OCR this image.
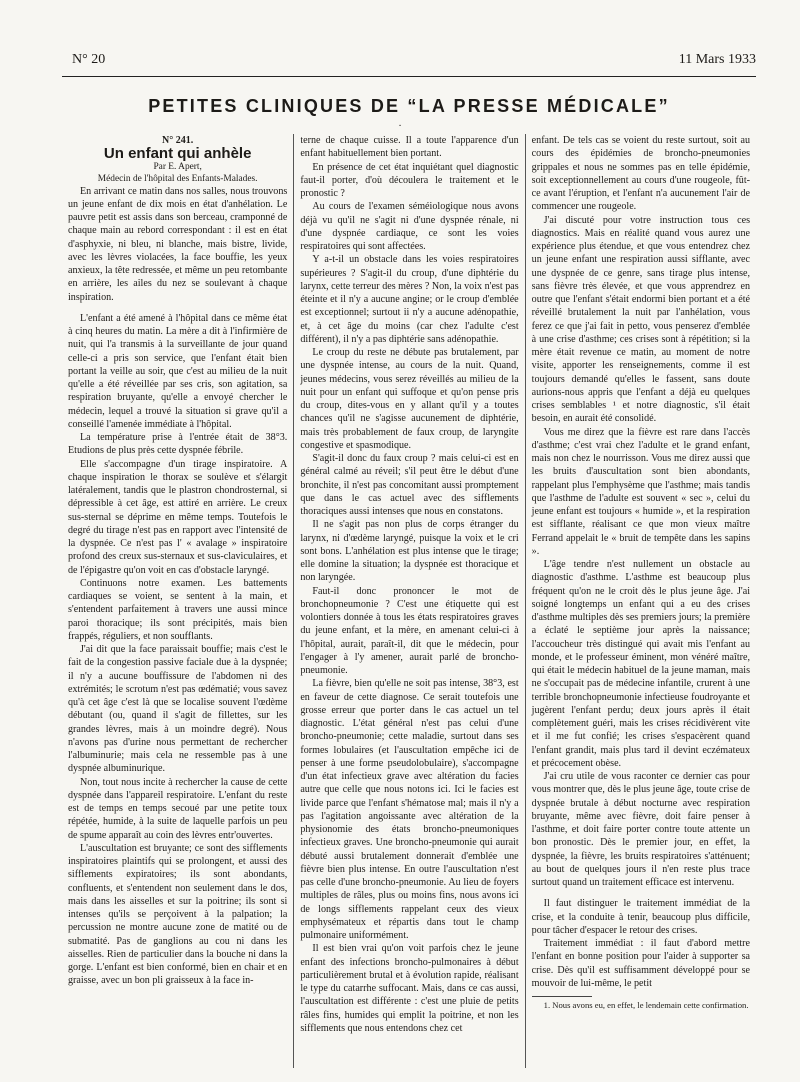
N° 20	11 Mars 1933
PETITES CLINIQUES DE “LA PRESSE MÉDICALE”
·

N° 241.

Un enfant qui anhèle

Par E. Apert,

Médecin de l'hôpital des Enfants-Malades.

En arrivant ce matin dans nos salles, nous trouvons un jeune enfant de dix mois en état d'anhélation. Le pauvre petit est assis dans son berceau, cramponné de chaque main au rebord correspondant : il est en état d'asphyxie, ni bleu, ni blanche, mais bistre, livide, avec les lèvres violacées, la face bouffie, les yeux anxieux, la tête redressée, et même un peu retombante en arrière, les ailes du nez se soulevant à chaque inspiration.

L'enfant a été amené à l'hôpital dans ce même état à cinq heures du matin. La mère a dit à l'infirmière de nuit, qui l'a transmis à la surveillante de jour quand celle-ci a pris son service, que l'enfant était bien portant la veille au soir, que c'est au milieu de la nuit qu'elle a été réveillée par ses cris, son agitation, sa respiration bruyante, qu'elle a envoyé chercher le médecin, lequel a trouvé la situation si grave qu'il a conseillé l'amenée immédiate à l'hôpital.

La température prise à l'entrée était de 38°3. Etudions de plus près cette dyspnée fébrile.

Elle s'accompagne d'un tirage inspiratoire. A chaque inspiration le thorax se soulève et s'élargit latéralement, tandis que le plastron chondrosternal, si dépressible à cet âge, est attiré en arrière. Le creux sus-sternal se déprime en même temps. Toutefois le degré du tirage n'est pas en rapport avec l'intensité de la dyspnée. Ce n'est pas l' « avalage » inspiratoire profond des creux sus-sternaux et sus-claviculaires, et de l'épigastre qu'on voit en cas d'obstacle laryngé.

Continuons notre examen. Les battements cardiaques se voient, se sentent à la main, et s'entendent parfaitement à travers une aussi mince paroi thoracique; ils sont précipités, mais bien frappés, réguliers, et non soufflants.

J'ai dit que la face paraissait bouffie; mais c'est le fait de la congestion passive faciale due à la dyspnée; il n'y a aucune bouffissure de l'abdomen ni des extrémités; le scrotum n'est pas œdématié; vous savez qu'à cet âge c'est là que se localise souvent l'œdème débutant (ou, quand il s'agit de fillettes, sur les grandes lèvres, mais à un moindre degré). Nous n'avons pas d'urine nous permettant de rechercher l'albuminurie; mais cela ne ressemble pas à une dyspnée albuminurique.

Non, tout nous incite à rechercher la cause de cette dyspnée dans l'appareil respiratoire. L'enfant du reste est de temps en temps secoué par une petite toux répétée, humide, à la suite de laquelle parfois un peu de spume apparaît au coin des lèvres entr'ouvertes.

L'auscultation est bruyante; ce sont des sifflements inspiratoires plaintifs qui se prolongent, et aussi des sifflements expiratoires; ils sont abondants, confluents, et s'entendent non seulement dans le dos, mais dans les aisselles et sur la poitrine; ils sont si intenses qu'ils se perçoivent à la palpation; la percussion ne montre aucune zone de matité ou de submatité. Pas de ganglions au cou ni dans les aisselles. Rien de particulier dans la bouche ni dans la gorge. L'enfant est bien conformé, bien en chair et en graisse, avec un bon pli graisseux à la face in-

terne de chaque cuisse. Il a toute l'apparence d'un enfant habituellement bien portant.

En présence de cet état inquiétant quel diagnostic faut-il porter, d'où découlera le traitement et le pronostic ?

Au cours de l'examen séméiologique nous avons déjà vu qu'il ne s'agit ni d'une dyspnée rénale, ni d'une dyspnée cardiaque, ce sont les voies respiratoires qui sont affectées.

Y a-t-il un obstacle dans les voies respiratoires supérieures ? S'agit-il du croup, d'une diphtérie du larynx, cette terreur des mères ? Non, la voix n'est pas éteinte et il n'y a aucune angine; or le croup d'emblée est exceptionnel; surtout ii n'y a aucune adénopathie, et, à cet âge du moins (car chez l'adulte c'est différent), il n'y a pas diphtérie sans adénopathie.

Le croup du reste ne débute pas brutalement, par une dyspnée intense, au cours de la nuit. Quand, jeunes médecins, vous serez réveillés au milieu de la nuit pour un enfant qui suffoque et qu'on pense pris du croup, dites-vous en y allant qu'il y a toutes chances qu'il ne s'agisse aucunement de diphtérie, mais très probablement de faux croup, de laryngite congestive et spasmodique.

S'agit-il donc du faux croup ? mais celui-ci est en général calmé au réveil; s'il peut être le début d'une bronchite, il n'est pas concomitant aussi promptement que dans le cas actuel avec des sifflements thoraciques aussi intenses que nous en constatons.

Il ne s'agit pas non plus de corps étranger du larynx, ni d'œdème laryngé, puisque la voix et le cri sont bons. L'anhélation est plus intense que le tirage; elle domine la situation; la dyspnée est thoracique et non laryngée.

Faut-il donc prononcer le mot de bronchopneumonie ? C'est une étiquette qui est volontiers donnée à tous les états respiratoires graves du jeune enfant, et la mère, en amenant celui-ci à l'hôpital, aurait, paraît-il, dit que le médecin, pour l'engager à l'y amener, aurait parlé de broncho-pneumonie.

La fièvre, bien qu'elle ne soit pas intense, 38°3, est en faveur de cette diagnose. Ce serait toutefois une grosse erreur que porter dans le cas actuel un tel diagnostic. L'état général n'est pas celui d'une broncho-pneumonie; cette maladie, surtout dans ses formes lobulaires (et l'auscultation empêche ici de penser à une forme pseudolobulaire), s'accompagne d'un état infectieux grave avec altération du facies autre que celle que nous notons ici. Ici le facies est livide parce que l'enfant s'hématose mal; mais il n'y a pas l'agitation angoissante avec altération de la physionomie des états broncho-pneumoniques infectieux graves. Une broncho-pneumonie qui aurait débuté aussi brutalement donnerait d'emblée une fièvre bien plus intense. En outre l'auscultation n'est pas celle d'une broncho-pneumonie. Au lieu de foyers multiples de râles, plus ou moins fins, nous avons ici de longs sifflements rappelant ceux des vieux emphysémateux et répartis dans tout le champ pulmonaire uniformément.

Il est bien vrai qu'on voit parfois chez le jeune enfant des infections broncho-pulmonaires à début particulièrement brutal et à évolution rapide, réalisant le type du catarrhe suffocant. Mais, dans ce cas aussi, l'auscultation est différente : c'est une pluie de petits râles fins, humides qui emplit la poitrine, et non les sifflements que nous entendons chez cet

enfant. De tels cas se voient du reste surtout, soit au cours des épidémies de broncho-pneumonies grippales et nous ne sommes pas en telle épidémie, soit exceptionnellement au cours d'une rougeole, fût-ce avant l'éruption, et l'enfant n'a aucunement l'air de commencer une rougeole.

J'ai discuté pour votre instruction tous ces diagnostics. Mais en réalité quand vous aurez une expérience plus étendue, et que vous entendrez chez un jeune enfant une respiration aussi sifflante, avec une dyspnée de ce genre, sans tirage plus intense, sans fièvre très élevée, et que vous apprendrez en outre que l'enfant s'était endormi bien portant et a été réveillé brutalement la nuit par l'anhélation, vous ferez ce que j'ai fait in petto, vous penserez d'emblée à une crise d'asthme; ces crises sont à répétition; si la mère était revenue ce matin, au moment de notre visite, apporter les renseignements, comme il est toujours demandé qu'elles le fassent, sans doute aurions-nous appris que l'enfant a déjà eu quelques crises semblables ¹ et notre diagnostic, s'il était besoin, en aurait été consolidé.

Vous me direz que la fièvre est rare dans l'accès d'asthme; c'est vrai chez l'adulte et le grand enfant, mais non chez le nourrisson. Vous me direz aussi que les bruits d'auscultation sont bien abondants, rappelant plus l'emphysème que l'asthme; mais tandis que l'asthme de l'adulte est souvent « sec », celui du jeune enfant est toujours « humide », et la respiration est sifflante, réalisant ce que mon vieux maître Ferrand appelait le « bruit de tempête dans les sapins ».

L'âge tendre n'est nullement un obstacle au diagnostic d'asthme. L'asthme est beaucoup plus fréquent qu'on ne le croit dès le plus jeune âge. J'ai soigné longtemps un enfant qui a eu des crises d'asthme multiples dès ses premiers jours; la première a éclaté le septième jour après la naissance; l'accoucheur très distingué qui avait mis l'enfant au monde, et le professeur éminent, mon vénéré maître, qui était le médecin habituel de la jeune maman, mais ne s'occupait pas de médecine infantile, crurent à une terrible bronchopneumonie infectieuse foudroyante et jugèrent l'enfant perdu; deux jours après il était complètement guéri, mais les crises récidivèrent vite et il me fut confié; les crises s'espacèrent quand l'enfant grandit, mais plus tard il devint eczémateux et précocement obèse.

J'ai cru utile de vous raconter ce dernier cas pour vous montrer que, dès le plus jeune âge, toute crise de dyspnée brutale à début nocturne avec respiration bruyante, même avec fièvre, doit faire penser à l'asthme, et doit faire porter contre toute attente un bon pronostic. Dès le premier jour, en effet, la dyspnée, la fièvre, les bruits respiratoires s'atténuent; au bout de quelques jours il n'en reste plus trace surtout quand un traitement efficace est intervenu.

Il faut distinguer le traitement immédiat de la crise, et la conduite à tenir, beaucoup plus difficile, pour tâcher d'espacer le retour des crises.

Traitement immédiat : il faut d'abord mettre l'enfant en bonne position pour l'aider à supporter sa crise. Dès qu'il est suffisamment développé pour se mouvoir de lui-même, le petit

1. Nous avons eu, en effet, le lendemain cette confirmation.
